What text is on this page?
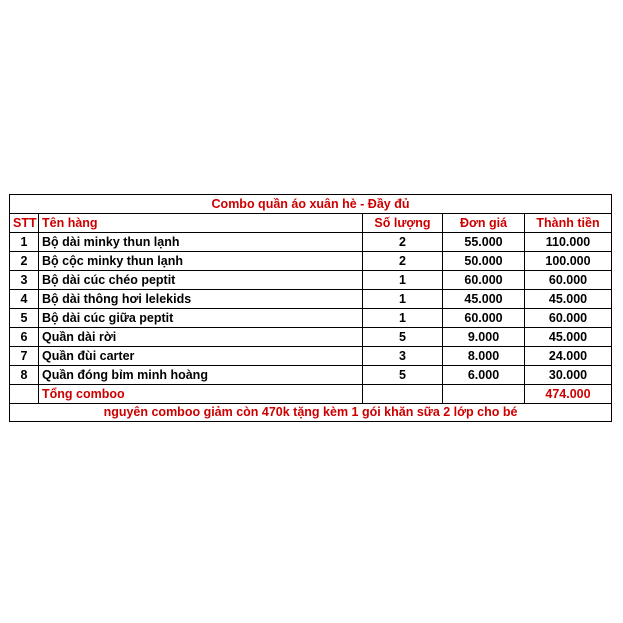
Combo quần áo xuân hè - Đầy đủ				
STT	Tên hàng	Số lượng	Đơn giá	Thành tiền
1	Bộ dài minky thun lạnh	2	55.000	110.000
2	Bộ cộc minky thun lạnh	2	50.000	100.000
3	Bộ dài cúc chéo peptit	1	60.000	60.000
4	Bộ dài thông hơi lelekids	1	45.000	45.000
5	Bộ dài cúc giữa peptit	1	60.000	60.000
6	Quần dài rời	5	9.000	45.000
7	Quần đùi carter	3	8.000	24.000
8	Quần đóng bỉm minh hoàng	5	6.000	30.000
	Tổng comboo			474.000
nguyên comboo giảm còn 470k tặng kèm 1 gói khăn sữa 2 lớp cho bé				
